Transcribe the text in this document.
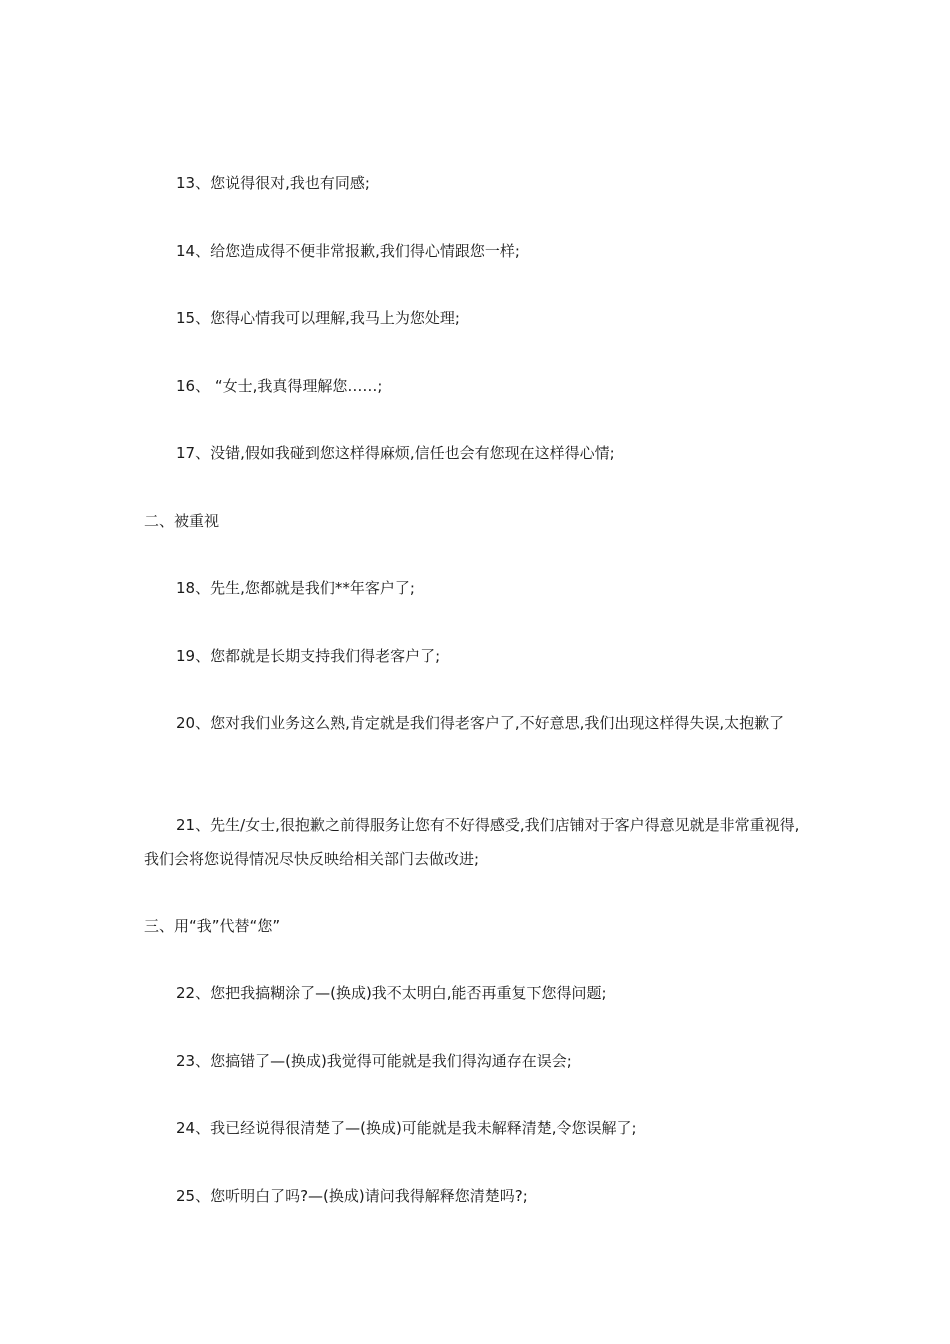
13、您说得很对,我也有同感;
14、给您造成得不便非常报歉,我们得心情跟您一样;
15、您得心情我可以理解,我马上为您处理;
16、 “女士,我真得理解您……;
17、没错,假如我碰到您这样得麻烦,信任也会有您现在这样得心情;
二、被重视
18、先生,您都就是我们**年客户了;
19、您都就是长期支持我们得老客户了;
20、您对我们业务这么熟,肯定就是我们得老客户了,不好意思,我们出现这样得失误,太抱歉了
21、先生/女士,很抱歉之前得服务让您有不好得感受,我们店铺对于客户得意见就是非常重视得,我们会将您说得情况尽快反映给相关部门去做改进;
三、用“我”代替“您”
22、您把我搞糊涂了—(换成)我不太明白,能否再重复下您得问题;
23、您搞错了—(换成)我觉得可能就是我们得沟通存在误会;
24、我已经说得很清楚了—(换成)可能就是我未解释清楚,令您误解了;
25、您听明白了吗?—(换成)请问我得解释您清楚吗?;
